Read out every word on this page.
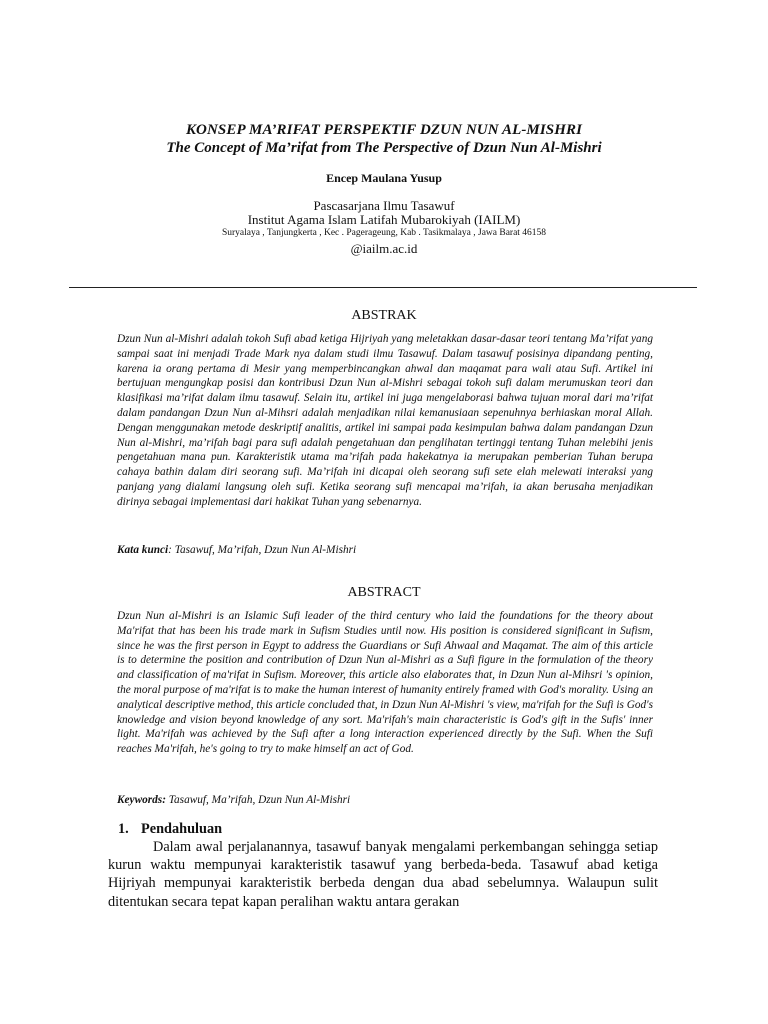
KONSEP MA’RIFAT PERSPEKTIF DZUN NUN AL-MISHRI
The Concept of Ma’rifat from The Perspective of Dzun Nun Al-Mishri
Encep Maulana Yusup
Pascasarjana Ilmu Tasawuf
Institut Agama Islam Latifah Mubarokiyah (IAILM)
Suryalaya , Tanjungkerta , Kec . Pagerageung, Kab . Tasikmalaya , Jawa Barat 46158
@iailm.ac.id
ABSTRAK
Dzun Nun al-Mishri adalah tokoh Sufi abad ketiga Hijriyah yang meletakkan dasar-dasar teori tentang Ma’rifat yang sampai saat ini menjadi Trade Mark nya dalam studi ilmu Tasawuf. Dalam tasawuf posisinya dipandang penting, karena ia orang pertama di Mesir yang memperbincangkan ahwal dan maqamat para wali atau Sufi. Artikel ini bertujuan mengungkap posisi dan kontribusi Dzun Nun al-Mishri sebagai tokoh sufi dalam merumuskan teori dan klasifikasi ma’rifat dalam ilmu tasawuf. Selain itu, artikel ini juga mengelaborasi bahwa tujuan moral dari ma’rifat dalam pandangan Dzun Nun al-Mihsri adalah menjadikan nilai kemanusiaan sepenuhnya berhiaskan moral Allah. Dengan menggunakan metode deskriptif analitis, artikel ini sampai pada kesimpulan bahwa dalam pandangan Dzun Nun al-Mishri, ma’rifah bagi para sufi adalah pengetahuan dan penglihatan tertinggi tentang Tuhan melebihi jenis pengetahuan mana pun. Karakteristik utama ma’rifah pada hakekatnya ia merupakan pemberian Tuhan berupa cahaya bathin dalam diri seorang sufi. Ma’rifah ini dicapai oleh seorang sufi sete elah melewati interaksi yang panjang yang dialami langsung oleh sufi. Ketika seorang sufi mencapai ma’rifah, ia akan berusaha menjadikan dirinya sebagai implementasi dari hakikat Tuhan yang sebenarnya.
Kata kunci: Tasawuf, Ma’rifah, Dzun Nun Al-Mishri
ABSTRACT
Dzun Nun al-Mishri is an Islamic Sufi leader of the third century who laid the foundations for the theory about Ma'rifat that has been his trade mark in Sufism Studies until now. His position is considered significant in Sufism, since he was the first person in Egypt to address the Guardians or Sufi Ahwaal and Maqamat. The aim of this article is to determine the position and contribution of Dzun Nun al-Mishri as a Sufi figure in the formulation of the theory and classification of ma'rifat in Sufism. Moreover, this article also elaborates that, in Dzun Nun al-Mihsri 's opinion, the moral purpose of ma'rifat is to make the human interest of humanity entirely framed with God's morality. Using an analytical descriptive method, this article concluded that, in Dzun Nun Al-Mishri 's view, ma'rifah for the Sufi is God's knowledge and vision beyond knowledge of any sort. Ma'rifah's main characteristic is God's gift in the Sufis' inner light. Ma'rifah was achieved by the Sufi after a long interaction experienced directly by the Sufi. When the Sufi reaches Ma'rifah, he's going to try to make himself an act of God.
Keywords: Tasawuf, Ma’rifah, Dzun Nun Al-Mishri
1. Pendahuluan
Dalam awal perjalanannya, tasawuf banyak mengalami perkembangan sehingga setiap kurun waktu mempunyai karakteristik tasawuf yang berbeda-beda. Tasawuf abad ketiga Hijriyah mempunyai karakteristik berbeda dengan dua abad sebelumnya. Walaupun sulit ditentukan secara tepat kapan peralihan waktu antara gerakan
